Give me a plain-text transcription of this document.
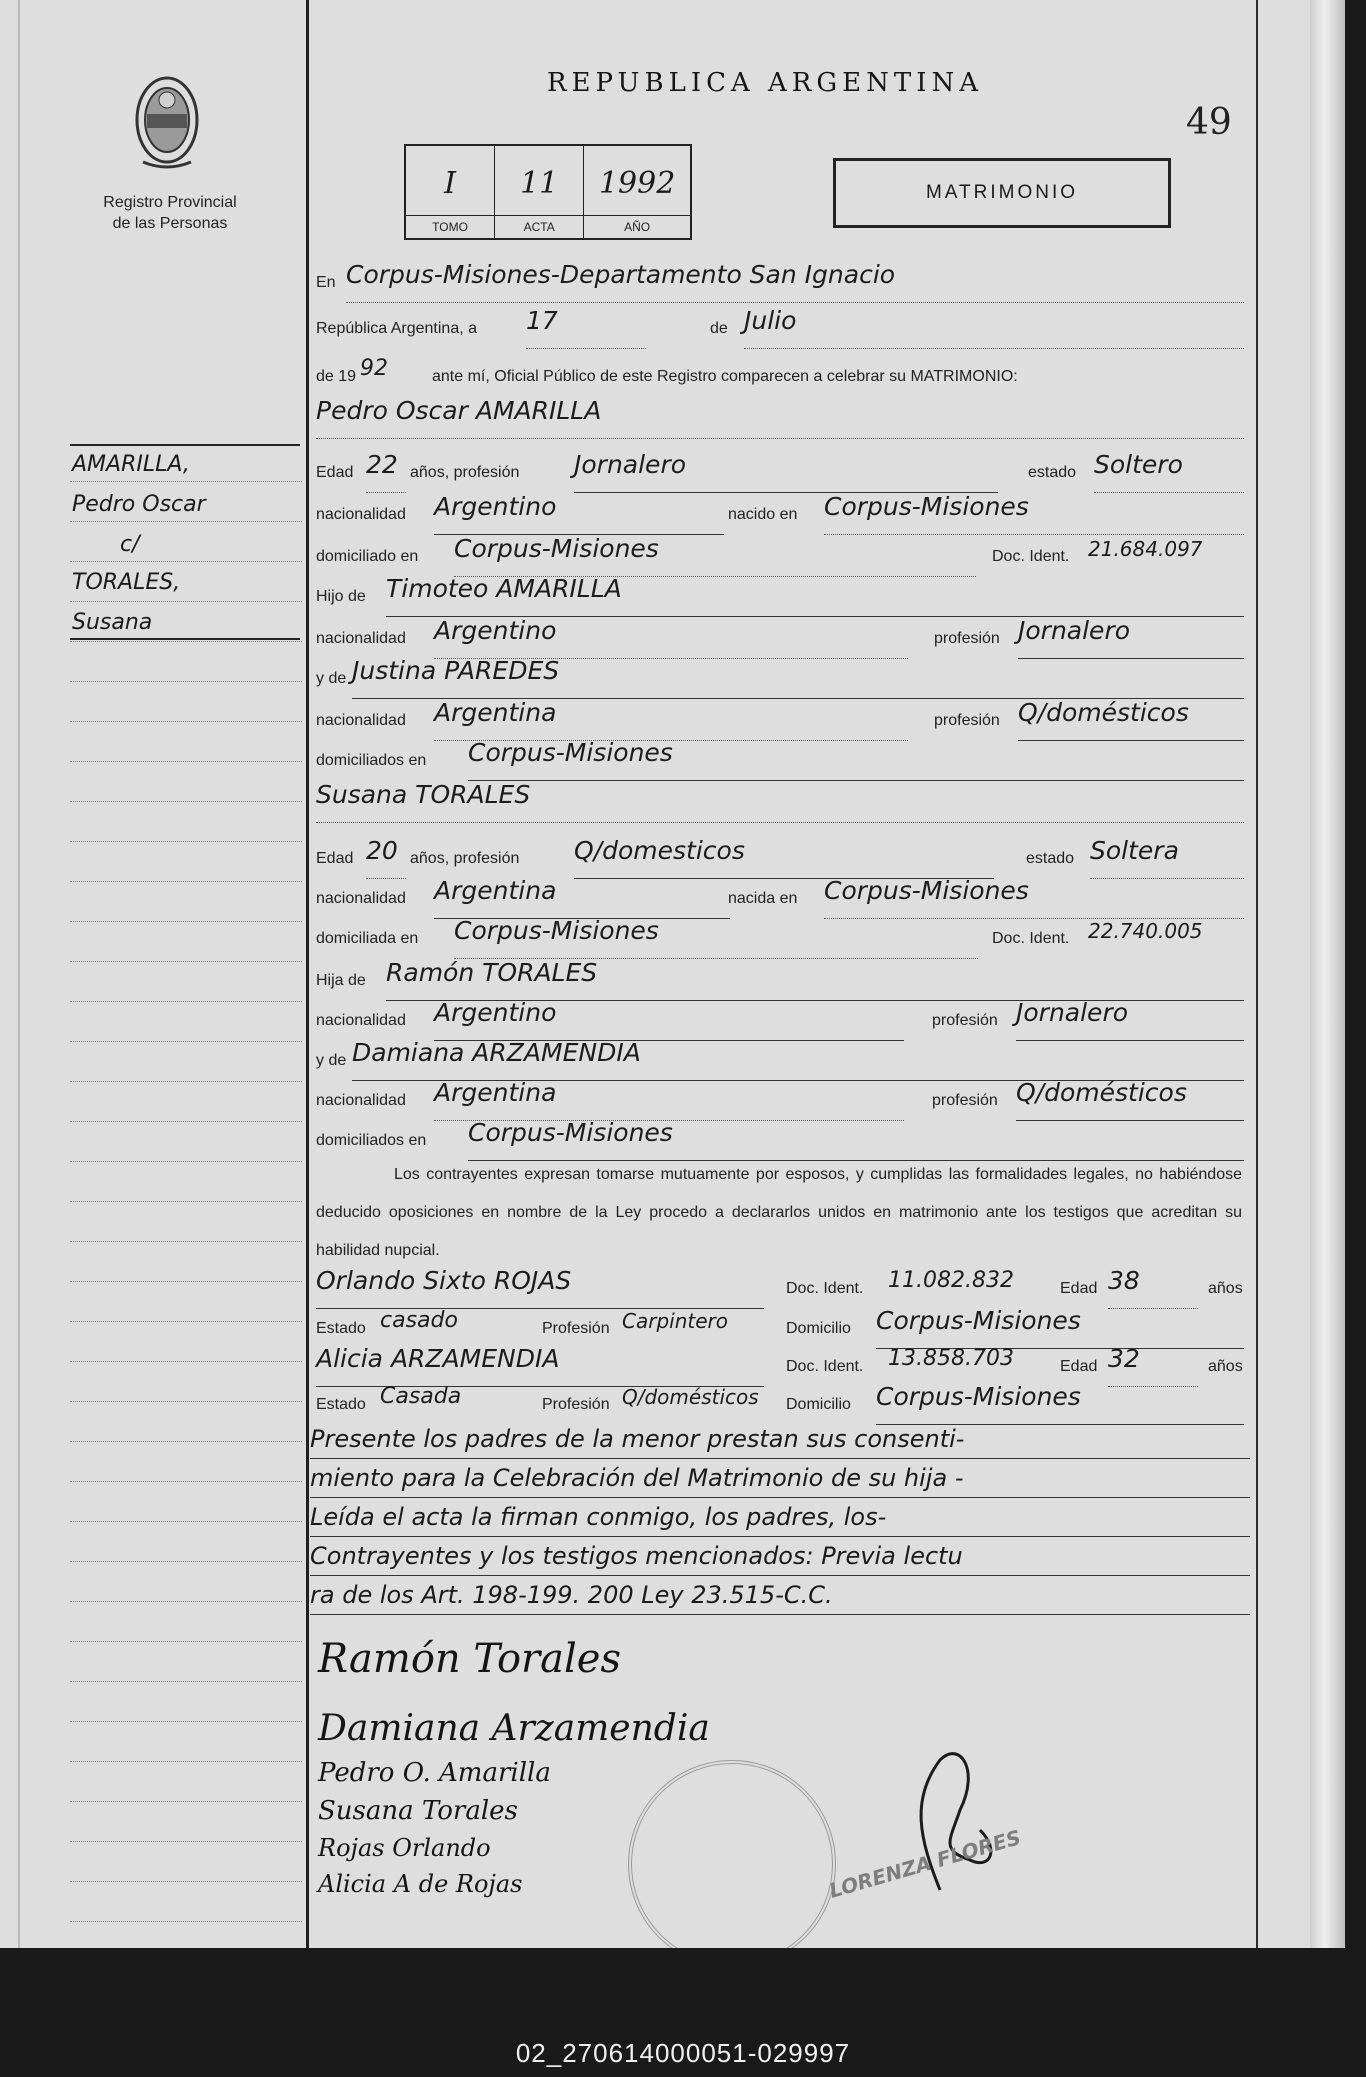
Registro Provincial
de las Personas
REPUBLICA ARGENTINA
49
I
TOMO
11
ACTA
1992
AÑO
MATRIMONIO
En Corpus-Misiones-Departamento San Ignacio
República Argentina, a 17	de Julio
de 19 92	ante mí, Oficial Público de este Registro comparecen a celebrar su MATRIMONIO:
Pedro Oscar AMARILLA
Edad 22 años, profesión Jornalero	estado Soltero
nacionalidad Argentino	nacido en Corpus-Misiones
domiciliado en Corpus-Misiones	Doc. Ident. 21.684.097
Hijo de Timoteo AMARILLA
nacionalidad Argentino	profesión Jornalero
y de Justina PAREDES
nacionalidad Argentina	profesión Q/domésticos
domiciliados en Corpus-Misiones
Susana TORALES
Edad 20 años, profesión Q/domesticos	estado Soltera
nacionalidad Argentina	nacida en Corpus-Misiones
domiciliada en Corpus-Misiones	Doc. Ident. 22.740.005
Hija de Ramón TORALES
nacionalidad Argentino	profesión Jornalero
y de Damiana ARZAMENDIA
nacionalidad Argentina	profesión Q/domésticos
domiciliados en Corpus-Misiones
Los contrayentes expresan tomarse mutuamente por esposos, y cumplidas las formalidades legales, no habiéndose deducido oposiciones en nombre de la Ley procedo a declararlos unidos en matrimonio ante los testigos que acreditan su habilidad nupcial.
Orlando Sixto ROJAS	Doc. Ident. 11.082.832	Edad 38	años
Estado casado	Profesión Carpintero	Domicilio Corpus-Misiones
Alicia ARZAMENDIA	Doc. Ident. 13.858.703	Edad 32	años
Estado Casada	Profesión Q/domésticos	Domicilio Corpus-Misiones
Presente los padres de la menor prestan sus consenti-
miento para la Celebración del Matrimonio de su hija -
Leída el acta la firman conmigo, los padres, los-
Contrayentes y los testigos mencionados: Previa lectu
ra de los Art. 198-199. 200 Ley 23.515-C.C.
Ramón Torales
Damiana Arzamendia
Pedro O. Amarilla
Susana Torales
Rojas Orlando
Alicia A de Rojas	LORENZA FLORES
AMARILLA,
Pedro Oscar
c/
TORALES,
Susana
02_270614000051-029997
